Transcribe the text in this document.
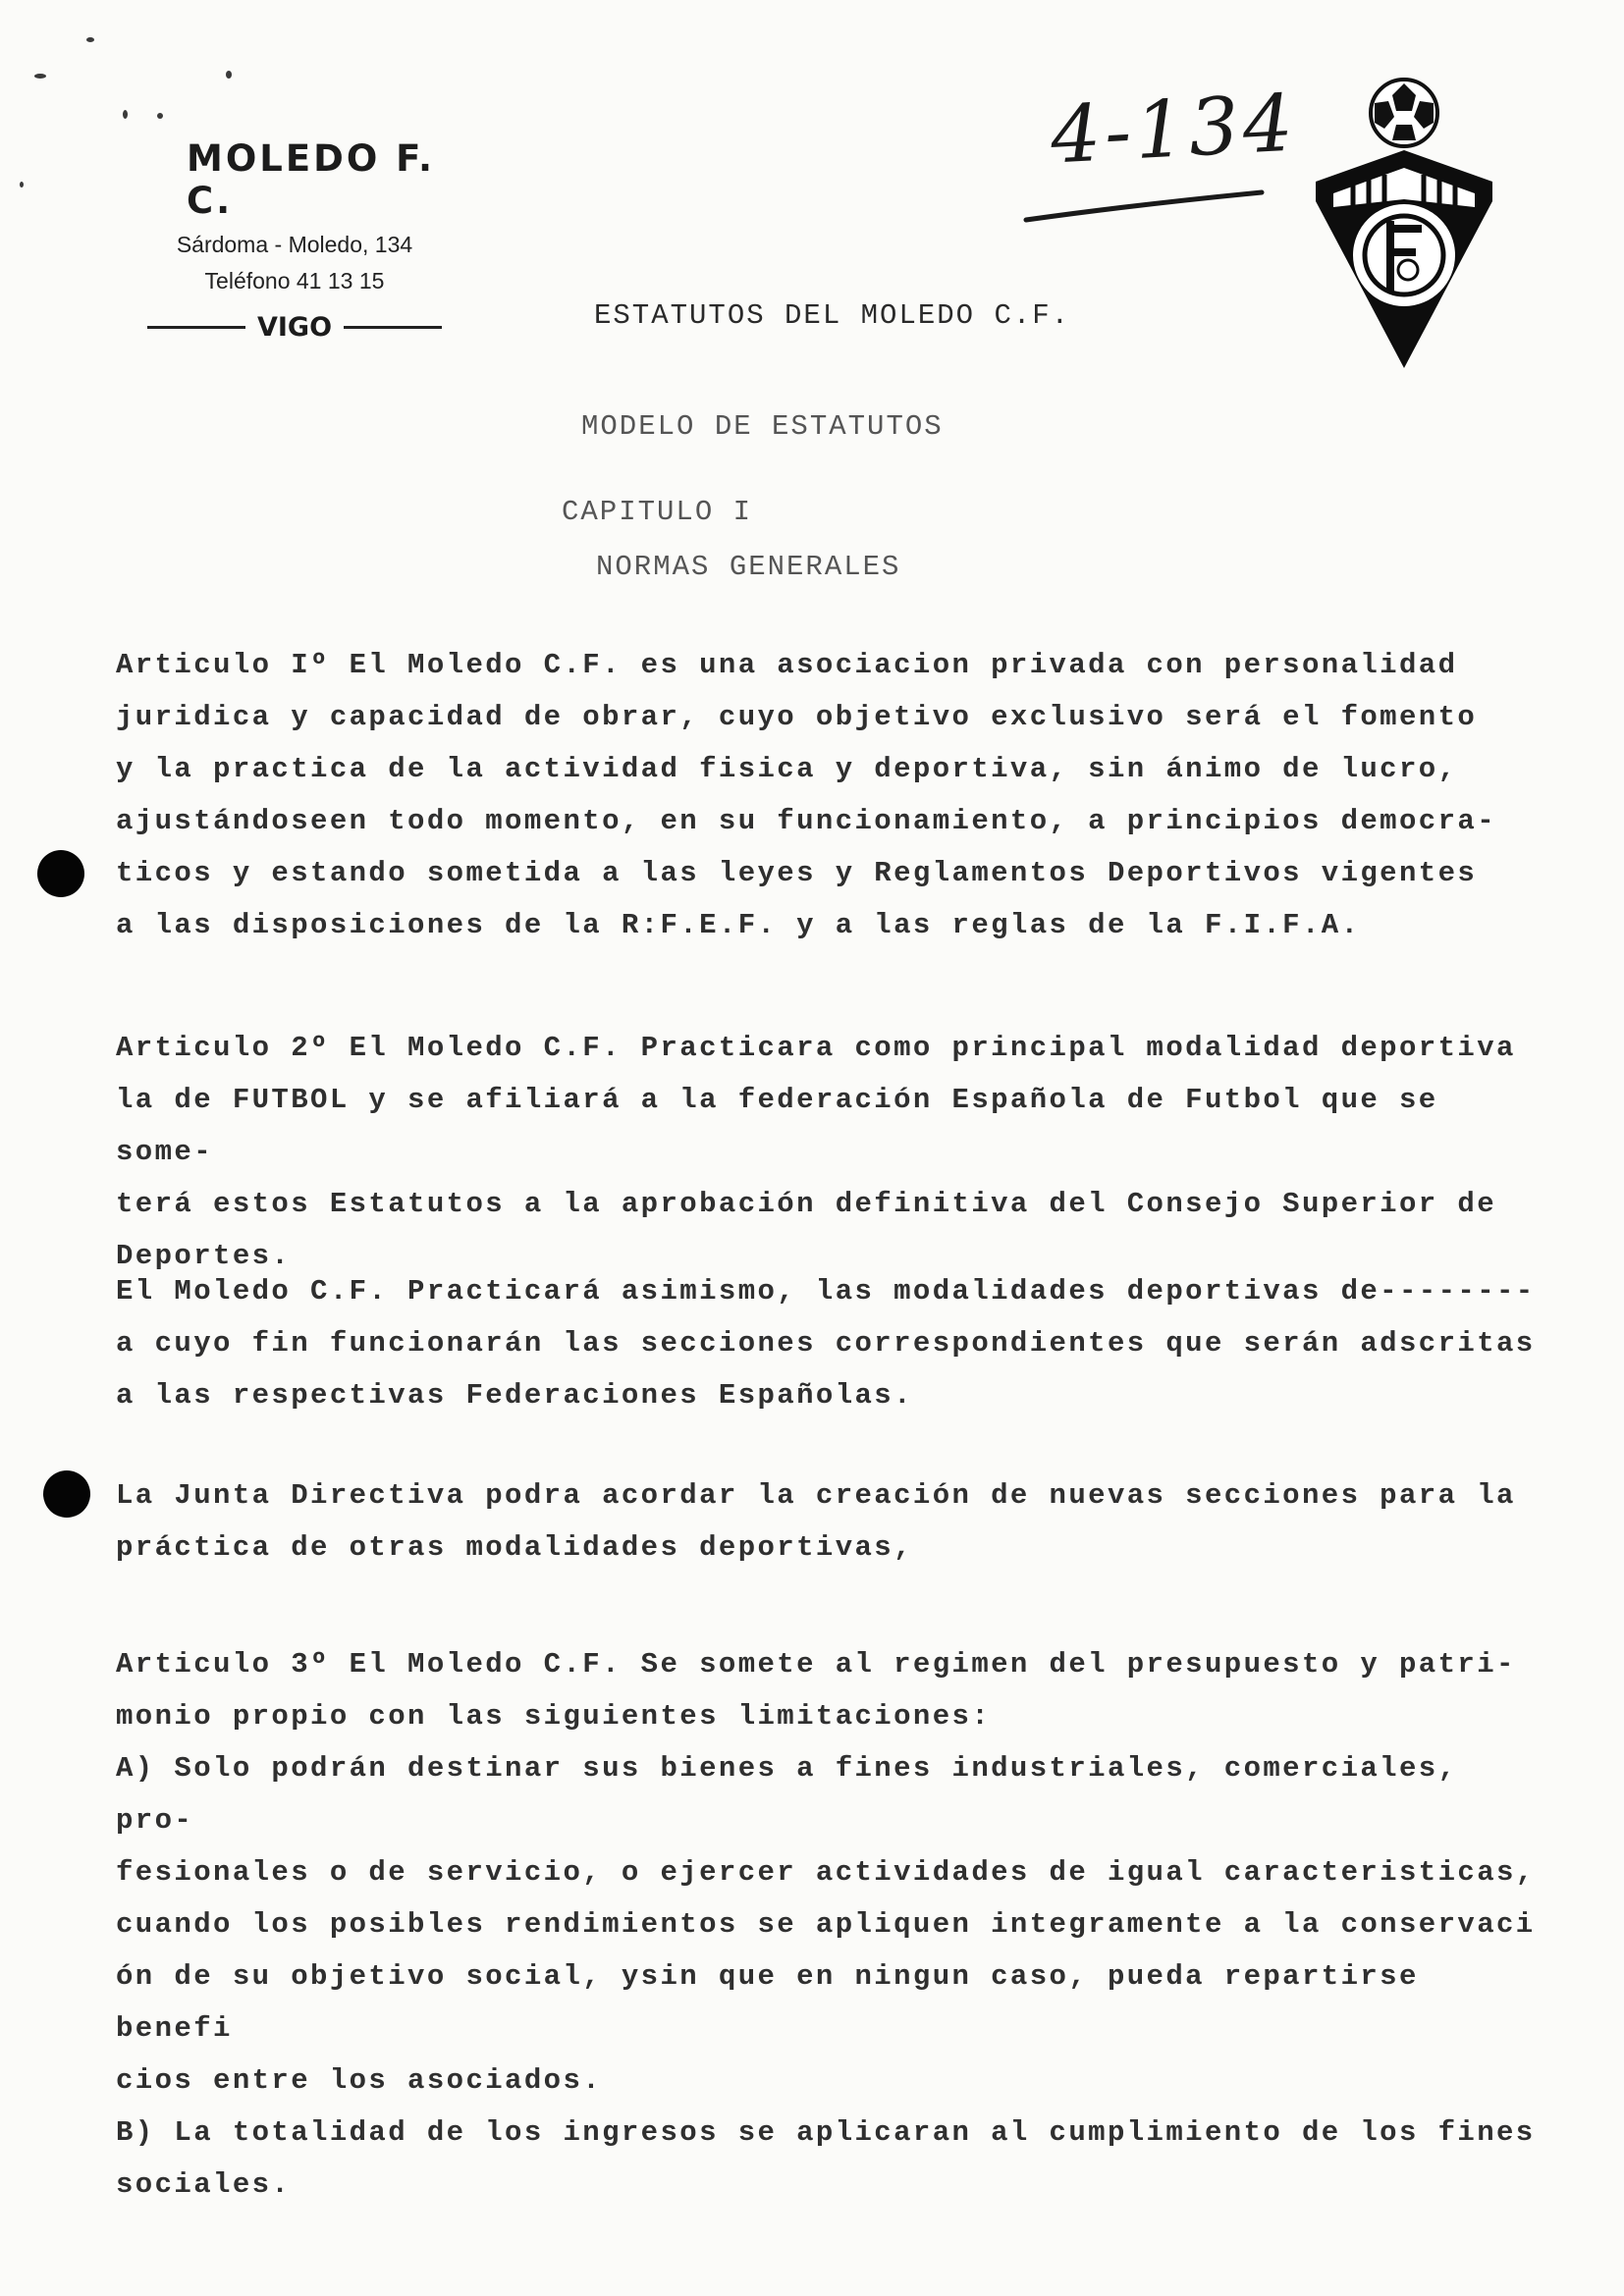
MOLEDO F. C.
Sárdoma - Moledo, 134
Teléfono 41 13 15
VIGO
4-134
ESTATUTOS DEL MOLEDO C.F.
MODELO DE ESTATUTOS
CAPITULO I
NORMAS GENERALES

Articulo Iº El Moledo C.F. es una asociacion privada con personalidad
juridica y capacidad de obrar, cuyo objetivo exclusivo será el fomento
y la practica de la actividad fisica y deportiva, sin ánimo de lucro,
ajustándoseen todo momento, en su funcionamiento, a principios democra-
ticos y estando sometida a las leyes y Reglamentos Deportivos vigentes
a las disposiciones de la R:F.E.F. y a las reglas de la F.I.F.A.

Articulo 2º El Moledo C.F. Practicara como principal modalidad deportiva
la de FUTBOL y se afiliará a la federación Española de Futbol que se some-
terá estos Estatutos a la aprobación definitiva del Consejo Superior de
Deportes.

El Moledo C.F. Practicará asimismo, las modalidades deportivas de--------
a cuyo fin funcionarán las secciones correspondientes que serán adscritas
a las respectivas Federaciones Españolas.

La Junta Directiva podra acordar la creación de nuevas secciones para la
práctica de otras modalidades deportivas,

Articulo 3º El Moledo C.F. Se somete al regimen del presupuesto y patri-
monio propio con las siguientes limitaciones:
A) Solo podrán destinar sus bienes a fines industriales, comerciales, pro-
fesionales o de servicio, o ejercer actividades de igual caracteristicas,
cuando los posibles rendimientos se apliquen integramente a la conservaci
ón de su objetivo social, ysin que en ningun caso, pueda repartirse benefi
cios entre los asociados.
B) La totalidad de los ingresos se aplicaran al cumplimiento de los fines
sociales.
